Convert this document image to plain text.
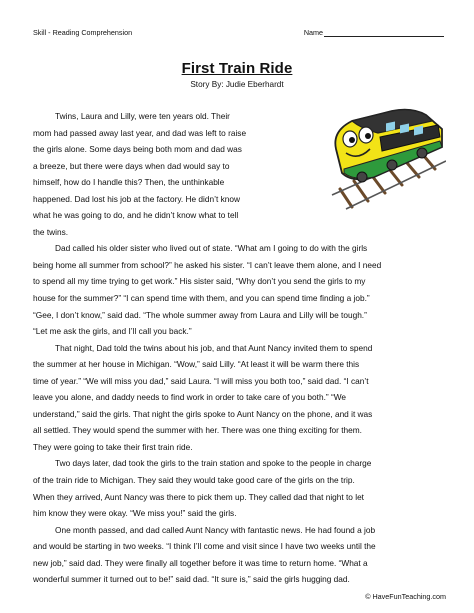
Skill - Reading Comprehension	Name
First Train Ride
Story By: Judie Eberhardt
Twins, Laura and Lilly, were ten years old. Their
mom had passed away last year, and dad was left to raise
the girls alone. Some days being both mom and dad was
a breeze, but there were days when dad would say to
himself, how do I handle this? Then, the unthinkable
happened. Dad lost his job at the factory. He didn’t know
what he was going to do, and he didn’t know what to tell
the twins.
Dad called his older sister who lived out of state. “What am I going to do with the girls
being home all summer from school?” he asked his sister. “I can’t leave them alone, and I need
to spend all my time trying to get work.” His sister said, “Why don’t you send the girls to my
house for the summer?” “I can spend time with them, and you can spend time finding a job.”
“Gee, I don’t know,” said dad. “The whole summer away from Laura and Lilly will be tough.”
“Let me ask the girls, and I’ll call you back.”
That night, Dad told the twins about his job, and that Aunt Nancy invited them to spend
the summer at her house in Michigan. “Wow,” said Lilly. “At least it will be warm there this
time of year.” “We will miss you dad,” said Laura. “I will miss you both too,” said dad. “I can’t
leave you alone, and daddy needs to find work in order to take care of you both.” “We
understand,” said the girls. That night the girls spoke to Aunt Nancy on the phone, and it was
all settled. They would spend the summer with her. There was one thing exciting for them.
They were going to take their first train ride.
Two days later, dad took the girls to the train station and spoke to the people in charge
of the train ride to Michigan. They said they would take good care of the girls on the trip.
When they arrived, Aunt Nancy was there to pick them up. They called dad that night to let
him know they were okay. “We miss you!” said the girls.
One month passed, and dad called Aunt Nancy with fantastic news. He had found a job
and would be starting in two weeks. “I think I’ll come and visit since I have two weeks until the
new job,” said dad. They were finally all together before it was time to return home. “What a
wonderful summer it turned out to be!” said dad. “It sure is,” said the girls hugging dad.
© HaveFunTeaching.com
